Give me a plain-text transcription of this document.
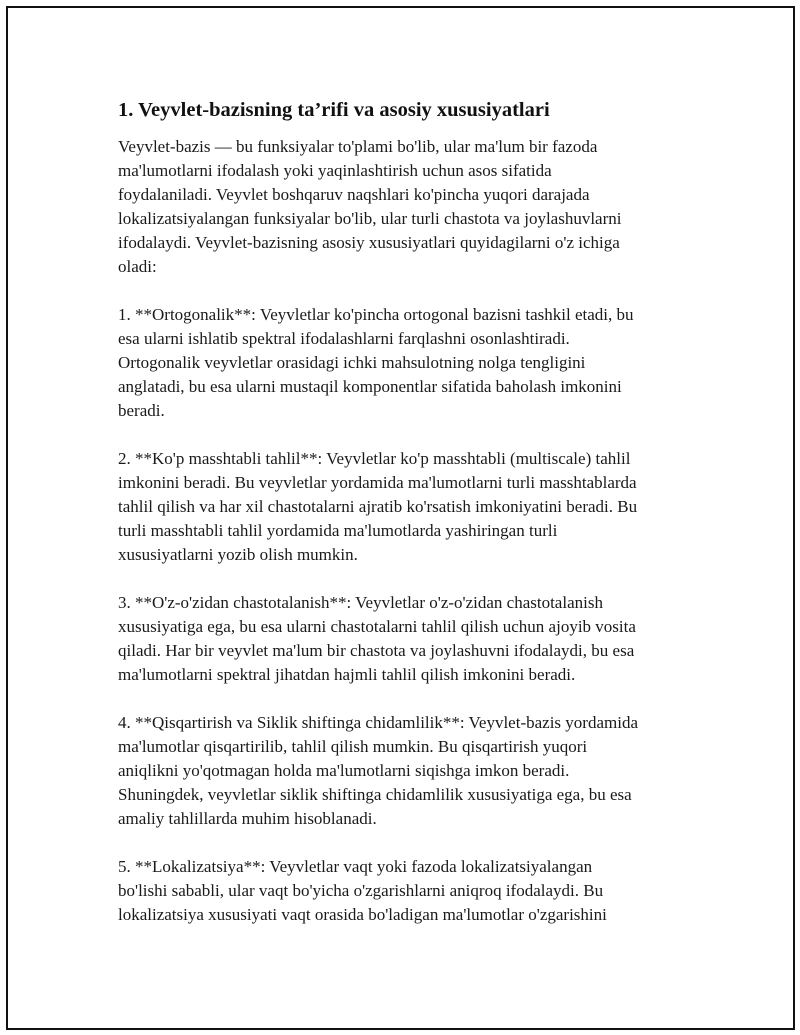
1. Veyvlet-bazisning ta’rifi va asosiy xususiyatlari

Veyvlet-bazis — bu funksiyalar to'plami bo'lib, ular ma'lum bir fazoda
ma'lumotlarni ifodalash yoki yaqinlashtirish uchun asos sifatida
foydalaniladi. Veyvlet boshqaruv naqshlari ko'pincha yuqori darajada
lokalizatsiyalangan funksiyalar bo'lib, ular turli chastota va joylashuvlarni
ifodalaydi. Veyvlet-bazisning asosiy xususiyatlari quyidagilarni o'z ichiga
oladi:

1. **Ortogonalik**: Veyvletlar ko'pincha ortogonal bazisni tashkil etadi, bu
esa ularni ishlatib spektral ifodalashlarni farqlashni osonlashtiradi.
Ortogonalik veyvletlar orasidagi ichki mahsulotning nolga tengligini
anglatadi, bu esa ularni mustaqil komponentlar sifatida baholash imkonini
beradi.

2. **Ko'p masshtabli tahlil**: Veyvletlar ko'p masshtabli (multiscale) tahlil
imkonini beradi. Bu veyvletlar yordamida ma'lumotlarni turli masshtablarda
tahlil qilish va har xil chastotalarni ajratib ko'rsatish imkoniyatini beradi. Bu
turli masshtabli tahlil yordamida ma'lumotlarda yashiringan turli
xususiyatlarni yozib olish mumkin.

3. **O'z-o'zidan chastotalanish**: Veyvletlar o'z-o'zidan chastotalanish
xususiyatiga ega, bu esa ularni chastotalarni tahlil qilish uchun ajoyib vosita
qiladi. Har bir veyvlet ma'lum bir chastota va joylashuvni ifodalaydi, bu esa
ma'lumotlarni spektral jihatdan hajmli tahlil qilish imkonini beradi.

4. **Qisqartirish va Siklik shiftinga chidamlilik**: Veyvlet-bazis yordamida
ma'lumotlar qisqartirilib, tahlil qilish mumkin. Bu qisqartirish yuqori
aniqlikni yo'qotmagan holda ma'lumotlarni siqishga imkon beradi.
Shuningdek, veyvletlar siklik shiftinga chidamlilik xususiyatiga ega, bu esa
amaliy tahlillarda muhim hisoblanadi.

5. **Lokalizatsiya**: Veyvletlar vaqt yoki fazoda lokalizatsiyalangan
bo'lishi sababli, ular vaqt bo'yicha o'zgarishlarni aniqroq ifodalaydi. Bu
lokalizatsiya xususiyati vaqt orasida bo'ladigan ma'lumotlar o'zgarishini
